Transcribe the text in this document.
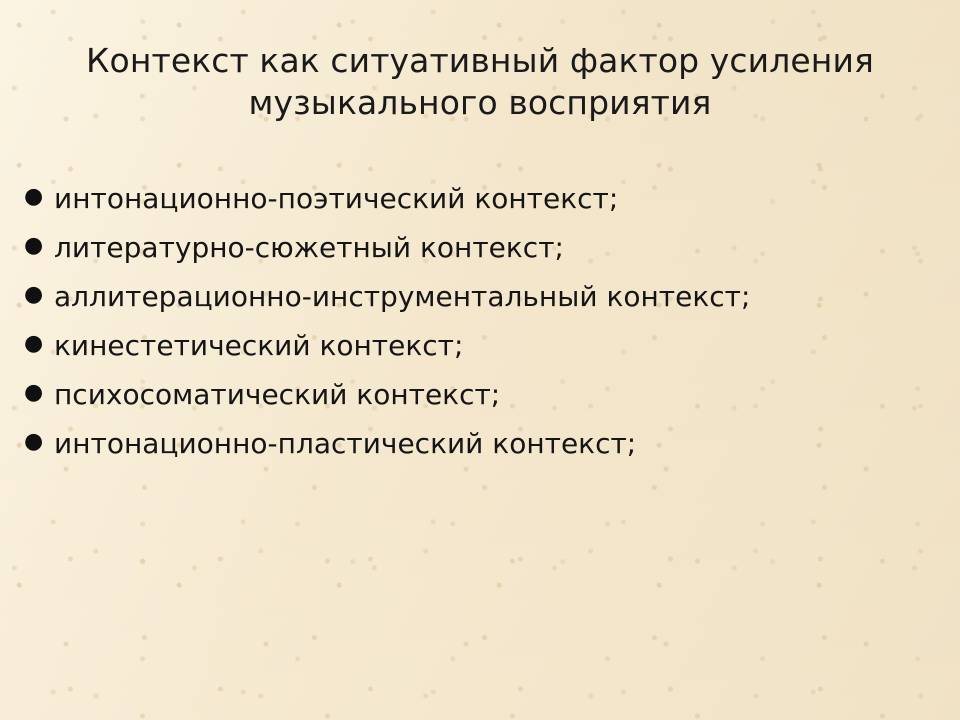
Контекст как ситуативный фактор усиления музыкального восприятия
● интонационно-поэтический контекст;
● литературно-сюжетный контекст;
● аллитерационно-инструментальный контекст;
● кинестетический контекст;
● психосоматический контекст;
● интонационно-пластический контекст;
